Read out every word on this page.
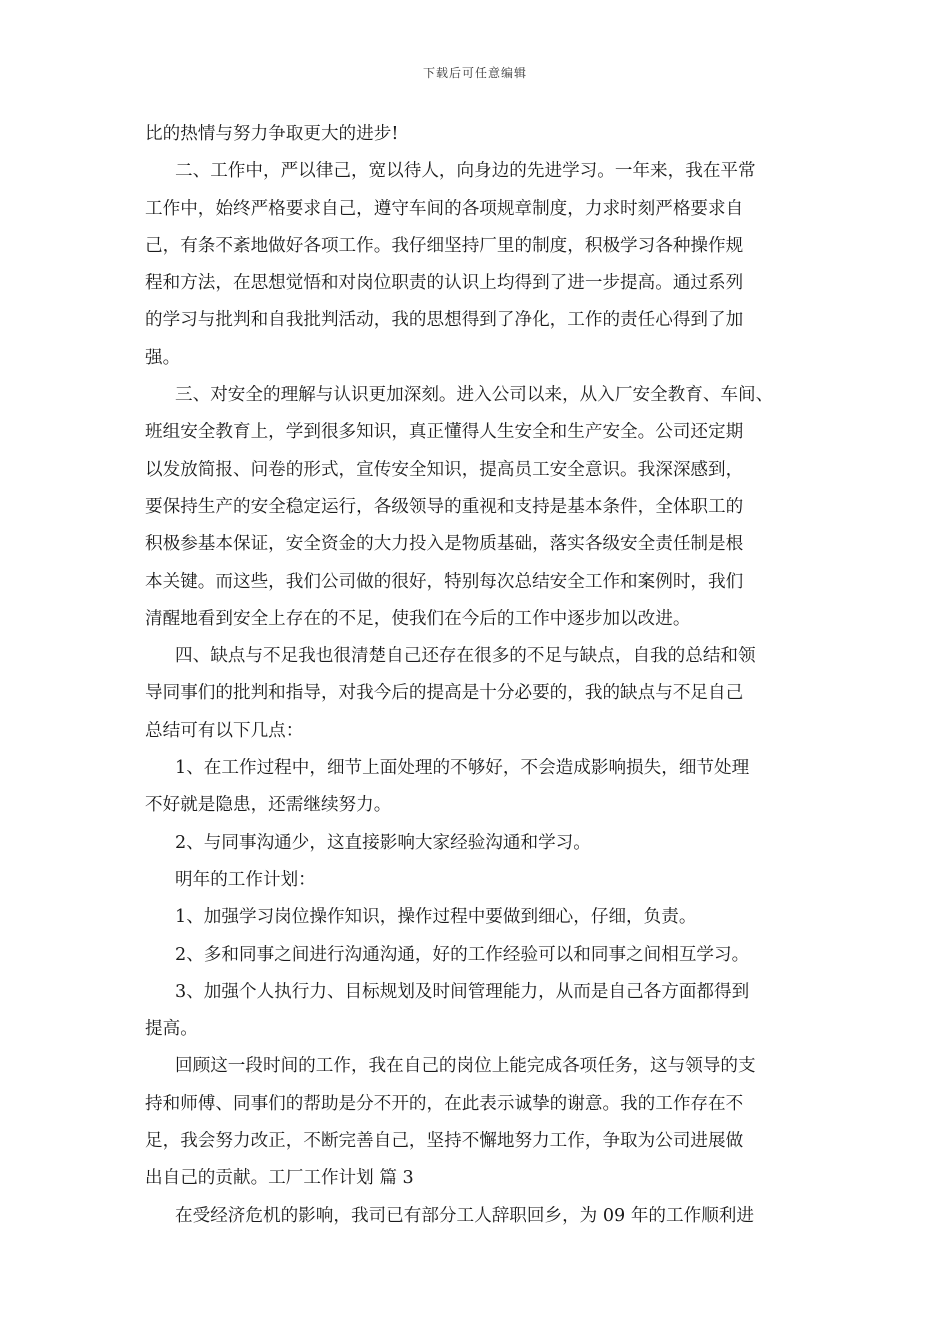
下载后可任意编辑
比的热情与努力争取更大的进步!
二、工作中，严以律己，宽以待人，向身边的先进学习。一年来，我在平常
工作中，始终严格要求自己，遵守车间的各项规章制度，力求时刻严格要求自
己，有条不紊地做好各项工作。我仔细坚持厂里的制度，积极学习各种操作规
程和方法，在思想觉悟和对岗位职责的认识上均得到了进一步提高。通过系列
的学习与批判和自我批判活动，我的思想得到了净化，工作的责任心得到了加
强。
三、对安全的理解与认识更加深刻。进入公司以来，从入厂安全教育、车间、
班组安全教育上，学到很多知识，真正懂得人生安全和生产安全。公司还定期
以发放简报、问卷的形式，宣传安全知识，提高员工安全意识。我深深感到，
要保持生产的安全稳定运行，各级领导的重视和支持是基本条件，全体职工的
积极参基本保证，安全资金的大力投入是物质基础，落实各级安全责任制是根
本关键。而这些，我们公司做的很好，特别每次总结安全工作和案例时，我们
清醒地看到安全上存在的不足，使我们在今后的工作中逐步加以改进。
四、缺点与不足我也很清楚自己还存在很多的不足与缺点，自我的总结和领
导同事们的批判和指导，对我今后的提高是十分必要的，我的缺点与不足自己
总结可有以下几点：
1、在工作过程中，细节上面处理的不够好，不会造成影响损失，细节处理
不好就是隐患，还需继续努力。
2、与同事沟通少，这直接影响大家经验沟通和学习。
明年的工作计划：
1、加强学习岗位操作知识，操作过程中要做到细心，仔细，负责。
2、多和同事之间进行沟通沟通，好的工作经验可以和同事之间相互学习。
3、加强个人执行力、目标规划及时间管理能力，从而是自己各方面都得到
提高。
回顾这一段时间的工作，我在自己的岗位上能完成各项任务，这与领导的支
持和师傅、同事们的帮助是分不开的，在此表示诚挚的谢意。我的工作存在不
足，我会努力改正，不断完善自己，坚持不懈地努力工作，争取为公司进展做
出自己的贡献。工厂工作计划 篇 3
在受经济危机的影响，我司已有部分工人辞职回乡，为 09 年的工作顺利进
